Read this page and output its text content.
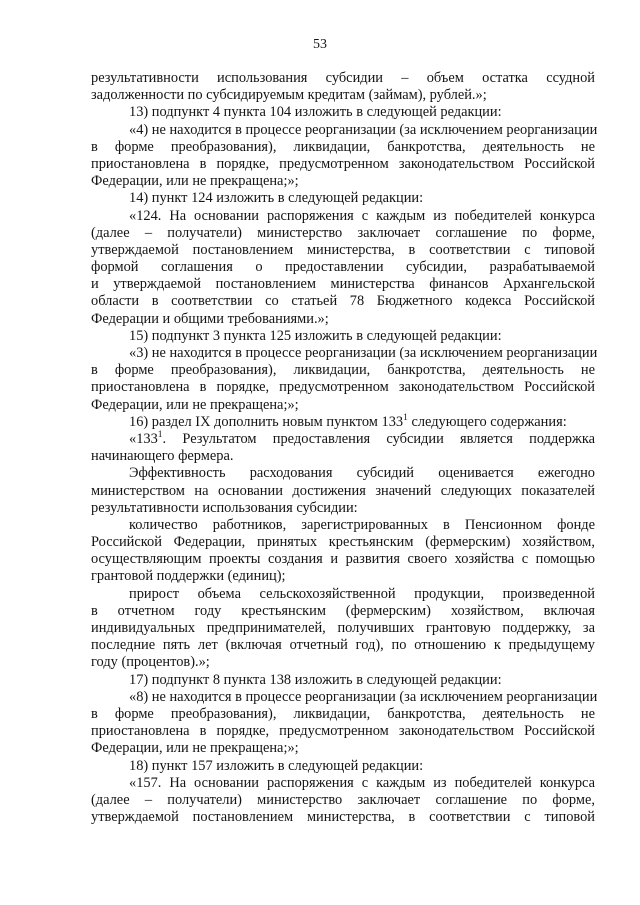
53
результативности использования субсидии – объем остатка ссудной
задолженности по субсидируемым кредитам (займам), рублей.»;
13) подпункт 4 пункта 104 изложить в следующей редакции:
«4) не находится в процессе реорганизации (за исключением реорганизации
в форме преобразования), ликвидации, банкротства, деятельность не
приостановлена в порядке, предусмотренном законодательством Российской
Федерации, или не прекращена;»;
14) пункт 124 изложить в следующей редакции:
«124. На основании распоряжения с каждым из победителей конкурса
(далее – получатели) министерство заключает соглашение по форме,
утверждаемой постановлением министерства, в соответствии с типовой
формой соглашения о предоставлении субсидии, разрабатываемой
и утверждаемой постановлением министерства финансов Архангельской
области в соответствии со статьей 78 Бюджетного кодекса Российской
Федерации и общими требованиями.»;
15) подпункт 3 пункта 125 изложить в следующей редакции:
«3) не находится в процессе реорганизации (за исключением реорганизации
в форме преобразования), ликвидации, банкротства, деятельность не
приостановлена в порядке, предусмотренном законодательством Российской
Федерации, или не прекращена;»;
16) раздел IX дополнить новым пунктом $133^1$ следующего содержания:
«$133^1$. Результатом предоставления субсидии является поддержка
начинающего фермера.
Эффективность расходования субсидий оценивается ежегодно
министерством на основании достижения значений следующих показателей
результативности использования субсидии:
количество работников, зарегистрированных в Пенсионном фонде
Российской Федерации, принятых крестьянским (фермерским) хозяйством,
осуществляющим проекты создания и развития своего хозяйства с помощью
грантовой поддержки (единиц);
прирост объема сельскохозяйственной продукции, произведенной
в отчетном году крестьянским (фермерским) хозяйством, включая
индивидуальных предпринимателей, получивших грантовую поддержку, за
последние пять лет (включая отчетный год), по отношению к предыдущему
году (процентов).»;
17) подпункт 8 пункта 138 изложить в следующей редакции:
«8) не находится в процессе реорганизации (за исключением реорганизации
в форме преобразования), ликвидации, банкротства, деятельность не
приостановлена в порядке, предусмотренном законодательством Российской
Федерации, или не прекращена;»;
18) пункт 157 изложить в следующей редакции:
«157. На основании распоряжения с каждым из победителей конкурса
(далее – получатели) министерство заключает соглашение по форме,
утверждаемой постановлением министерства, в соответствии с типовой
